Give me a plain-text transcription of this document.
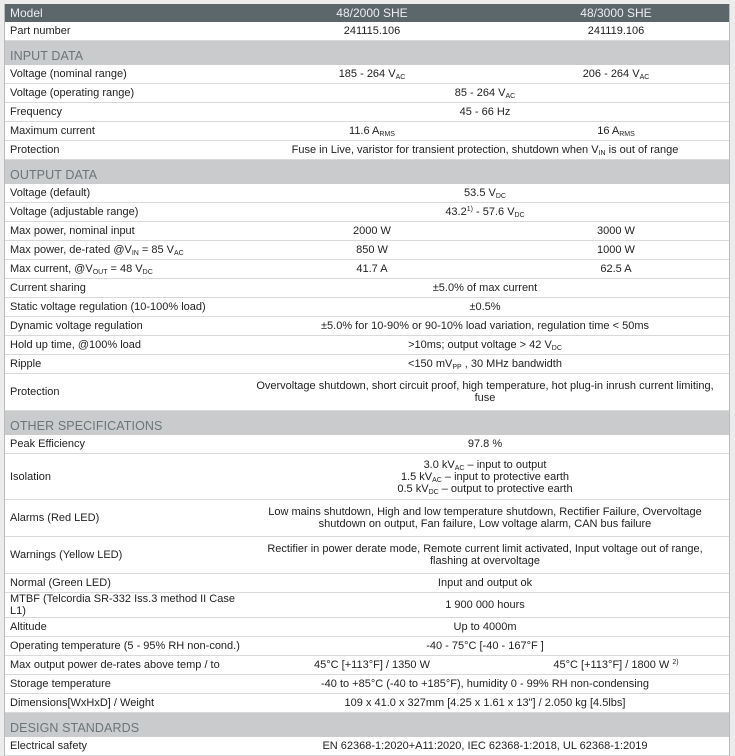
Model	48/2000 SHE	48/3000 SHE
Part number	241115.106	241119.106
INPUT DATA		
Voltage (nominal range)	185 - 264 $V_{AC}$	206 - 264 $V_{AC}$
Voltage (operating range)	85 - 264 $V_{AC}$
Frequency	45 - 66 Hz	
Maximum current	11.6 $A_{RMS}$	16 $A_{RMS}$
Protection	Fuse in Live, varistor for transient protection, shutdown when $V_{IN}$ is out of range	
OUTPUT DATA		
Voltage (default)	53.5 $V_{DC}$
Voltage (adjustable range)	43.2$^{1)}$ - 57.6 $V_{DC}$
Max power, nominal input	2000 W	3000 W
Max power, de-rated $@V_{IN} = 85$ $V_{AC}$	850 W	1000 W
Max current, $@V_{OUT} = 48$ $V_{DC}$	41.7 A	62.5 A
Current sharing	±5.0% of max current	
Static voltage regulation (10-100% load)	±0.5%	
Dynamic voltage regulation	±5.0% for 10-90% or 90-10% load variation, regulation time < 50ms	
Hold up time, @100% load	>10ms; output voltage > 42 $V_{DC}$
Ripple	<150 $mV_{PP}$ , 30 MHz bandwidth	
Protection	Overvoltage shutdown, short circuit proof, high temperature, hot plug-in inrush current limiting, fuse	
OTHER SPECIFICATIONS		
Peak Efficiency	97.8 %	
Isolation	3.0 $kV_{AC}$ – input to output
1.5 $kV_{AC}$ – input to protective earth
0.5 $kV_{DC}$ – output to protective earth	

Alarms (Red LED)	Low mains shutdown, High and low temperature shutdown, Rectifier Failure, Overvoltage shutdown on output, Fan failure, Low voltage alarm, CAN bus failure	
Warnings (Yellow LED)	Rectifier in power derate mode, Remote current limit activated, Input voltage out of range, flashing at overvoltage	
Normal (Green LED)	Input and output ok	
MTBF (Telcordia SR-332 Iss.3 method II Case L1)	1 900 000 hours	
Altitude	Up to 4000m	
Operating temperature (5 - 95% RH non-cond.)	-40 - 75°C [-40 - 167°F ]	
Max output power de-rates above temp / to	45°C [+113°F] / 1350 W	45°C [+113°F] / 1800 W $^{2)}$
Storage temperature	-40 to +85°C (-40 to +185°F), humidity 0 - 99% RH non-condensing	
Dimensions[WxHxD] / Weight	109 x 41.0 x 327mm [4.25 x 1.61 x 13"] / 2.050 kg [4.5lbs]	
DESIGN STANDARDS		
Electrical safety	EN 62368-1:2020+A11:2020, IEC 62368-1:2018, UL 62368-1:2019	
